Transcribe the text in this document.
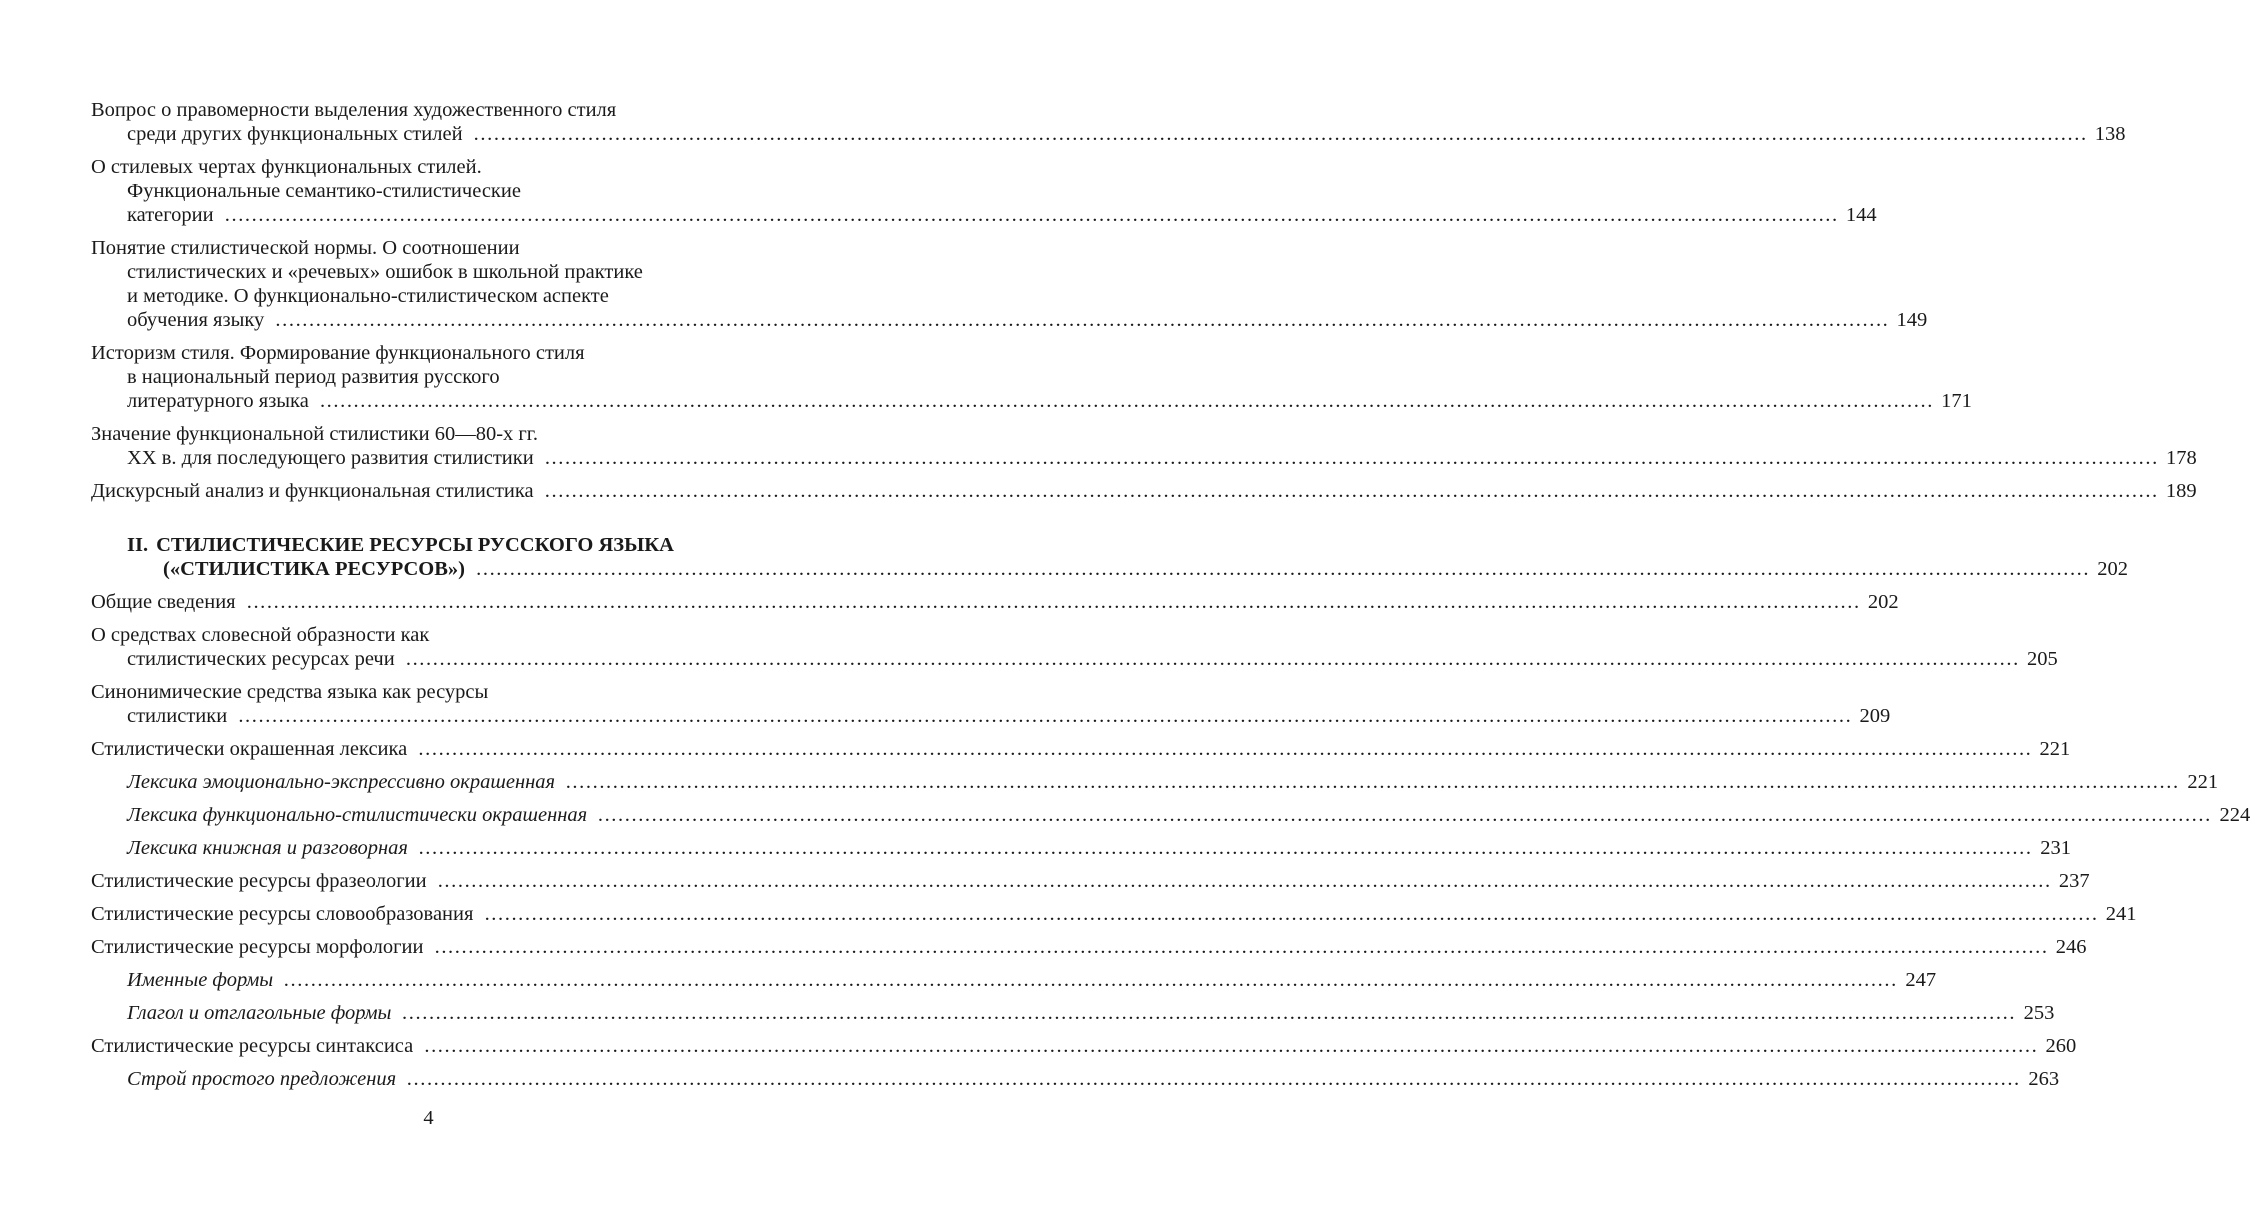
Вопрос о правомерности выделения художественного стиля
среди других функциональных стилей .....	138
О стилевых чертах функциональных стилей.
Функциональные семантико-стилистические
категории .....	144
Понятие стилистической нормы. О соотношении
стилистических и «речевых» ошибок в школьной практике
и методике. О функционально-стилистическом аспекте
обучения языку .....	149
Историзм стиля. Формирование функционального стиля
в национальный период развития русского
литературного языка .....	171
Значение функциональной стилистики 60—80-х гг.
XX в. для последующего развития стилистики .....	178
Дискурсный анализ и функциональная стилистика .....	189
II. СТИЛИСТИЧЕСКИЕ РЕСУРСЫ РУССКОГО ЯЗЫКА
(«СТИЛИСТИКА РЕСУРСОВ») .....	202
Общие сведения .....	202
О средствах словесной образности как
стилистических ресурсах речи .....	205
Синонимические средства языка как ресурсы
стилистики .....	209
Стилистически окрашенная лексика .....	221
Лексика эмоционально-экспрессивно окрашенная .....	221
Лексика функционально-стилистически окрашенная .....	224
Лексика книжная и разговорная .....	231
Стилистические ресурсы фразеологии .....	237
Стилистические ресурсы словообразования .....	241
Стилистические ресурсы морфологии .....	246
Именные формы .....	247
Глагол и отглагольные формы .....	253
Стилистические ресурсы синтаксиса .....	260
Строй простого предложения .....	263
4
